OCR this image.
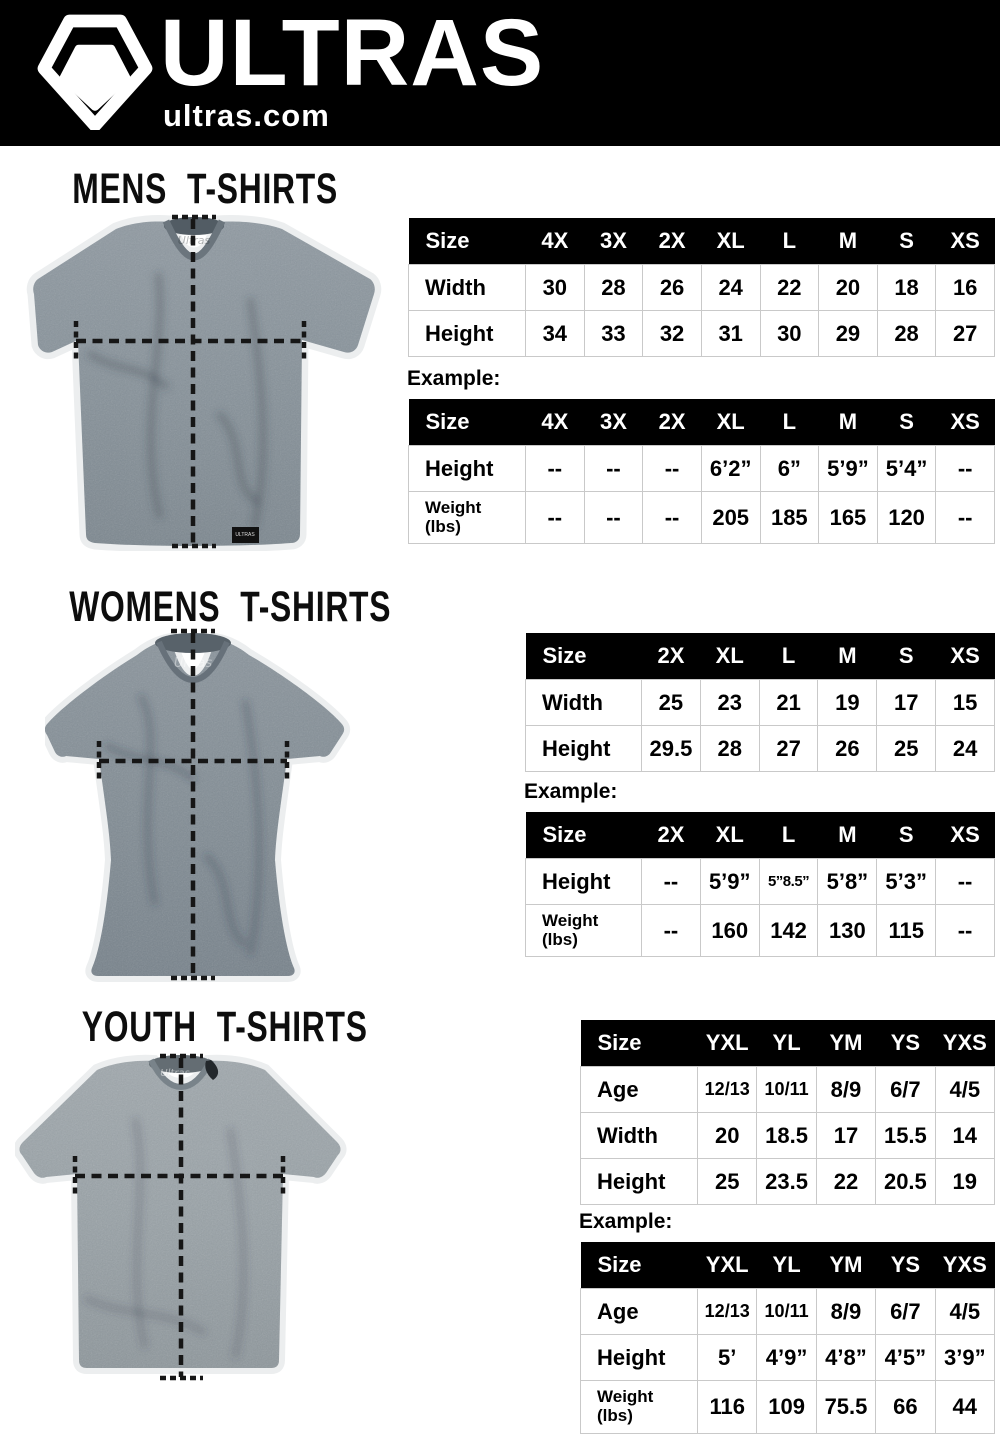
ULTRAS
ultras.com
MENS T-SHIRTS
WOMENS T-SHIRTS
YOUTH T-SHIRTS
Ultras
ULTRAS
Ultras
Ultras
Size	4X	3X	2X	XL	L	M	S	XS
Width	30	28	26	24	22	20	18	16
Height	34	33	32	31	30	29	28	27
Example:
Size	4X	3X	2X	XL	L	M	S	XS
Height	--	--	--	6’2”	6”	5’9”	5’4”	--
Weight
(lbs)	--	--	--	205	185	165	120	--
Size	2X	XL	L	M	S	XS
Width	25	23	21	19	17	15
Height	29.5	28	27	26	25	24
Example:
Size	2X	XL	L	M	S	XS
Height	--	5’9”	5”8.5”	5’8”	5’3”	--
Weight
(lbs)	--	160	142	130	115	--
Size	YXL	YL	YM	YS	YXS
Age	12/13	10/11	8/9	6/7	4/5
Width	20	18.5	17	15.5	14
Height	25	23.5	22	20.5	19
Example:
Size	YXL	YL	YM	YS	YXS
Age	12/13	10/11	8/9	6/7	4/5
Height	5’	4’9”	4’8”	4’5”	3’9”
Weight
(lbs)	116	109	75.5	66	44
